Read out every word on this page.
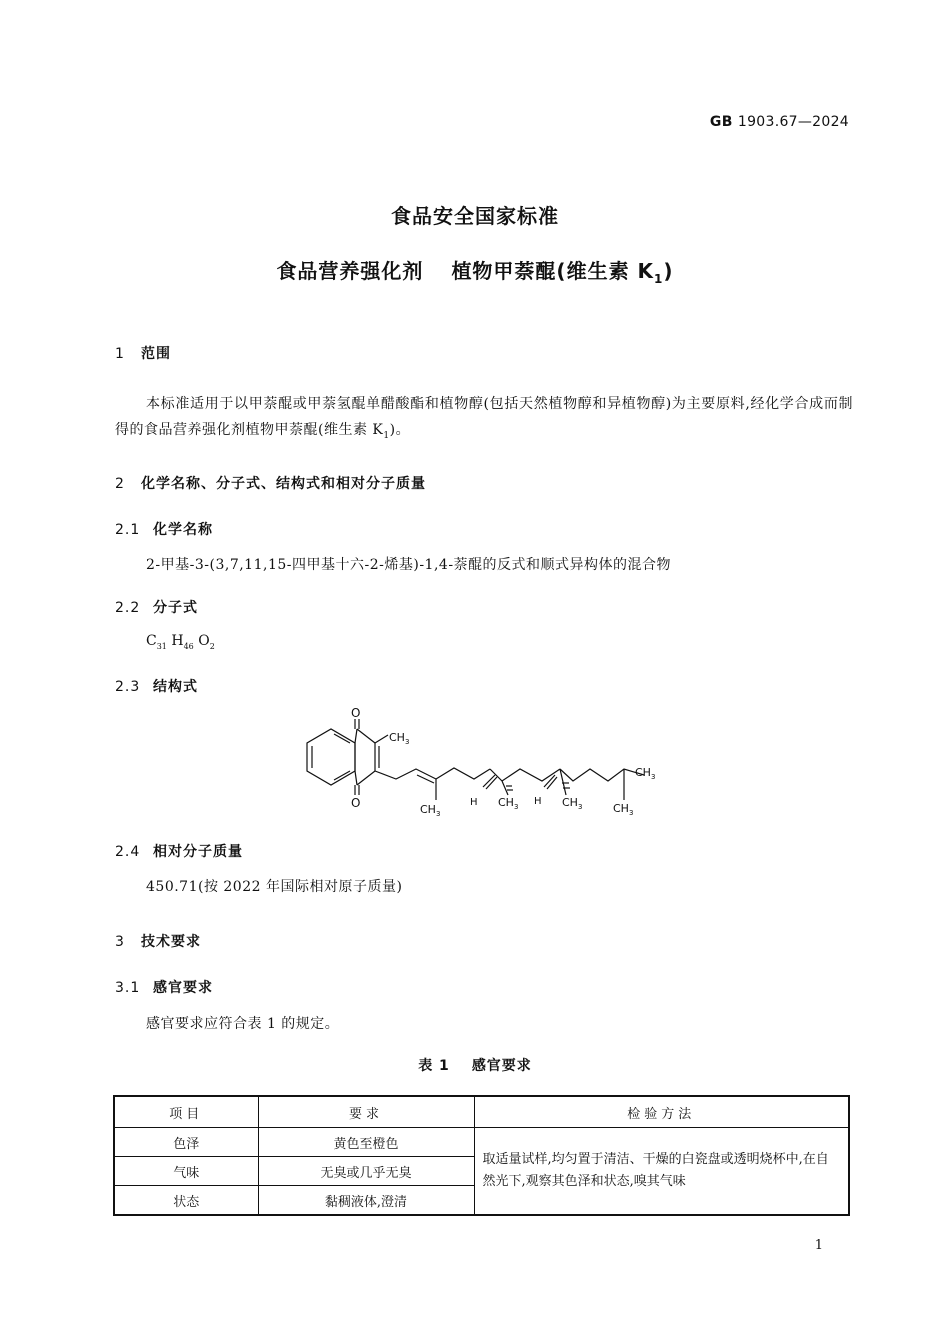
GB 1903.67—2024
食品安全国家标准
食品营养强化剂 植物甲萘醌(维生素 $K_1$)
1 范围
本标准适用于以甲萘醌或甲萘氢醌单醋酸酯和植物醇(包括天然植物醇和异植物醇)为主要原料,经化学合成而制得的食品营养强化剂植物甲萘醌(维生素 $K_1$)。
2 化学名称、分子式、结构式和相对分子质量
2.1 化学名称
2-甲基-3-(3,7,11,15-四甲基十六-2-烯基)-1,4-萘醌的反式和顺式异构体的混合物
2.2 分子式
$C_{31}$ $H_{46}$ $O_2$
2.3 结构式
O
O
$CH_3$
$CH_3$
H $CH_3$ H $CH_3$
$CH_3$
$CH_3$
2.4 相对分子质量
450.71(按 2022 年国际相对原子质量)
3 技术要求
3.1 感官要求
感官要求应符合表 1 的规定。
表 1 感官要求
项目	要求	检验方法
色泽	黄色至橙色	取适量试样,均匀置于清洁、干燥的白瓷盘或透明烧杯中,在自然光下,观察其色泽和状态,嗅其气味
气味	无臭或几乎无臭	
状态	黏稠液体,澄清	
1
